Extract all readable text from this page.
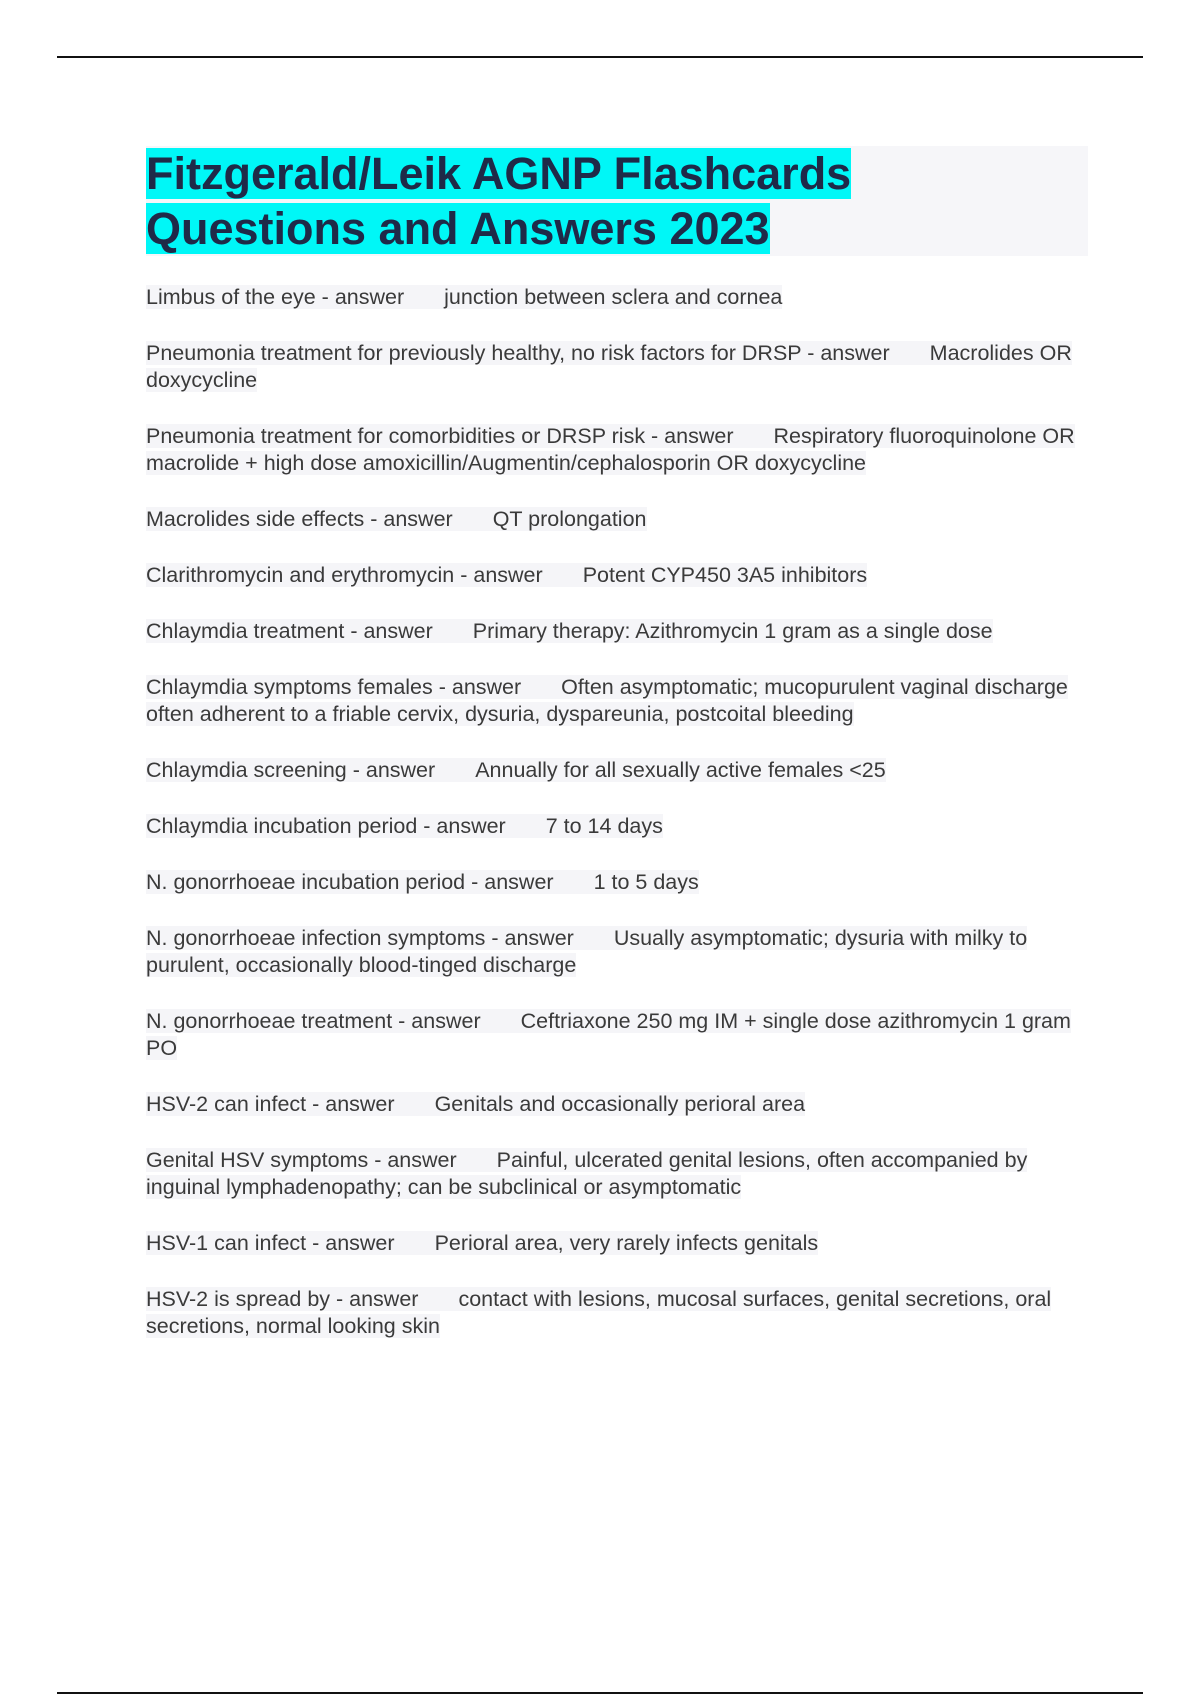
Fitzgerald/Leik AGNP Flashcards
Questions and Answers 2023
Limbus of the eye - answer junction between sclera and cornea
Pneumonia treatment for previously healthy, no risk factors for DRSP - answer Macrolides OR doxycycline
Pneumonia treatment for comorbidities or DRSP risk - answer Respiratory fluoroquinolone OR macrolide + high dose amoxicillin/Augmentin/cephalosporin OR doxycycline
Macrolides side effects - answer QT prolongation
Clarithromycin and erythromycin - answer Potent CYP450 3A5 inhibitors
Chlaymdia treatment - answer Primary therapy: Azithromycin 1 gram as a single dose
Chlaymdia symptoms females - answer Often asymptomatic; mucopurulent vaginal discharge often adherent to a friable cervix, dysuria, dyspareunia, postcoital bleeding
Chlaymdia screening - answer Annually for all sexually active females <25
Chlaymdia incubation period - answer 7 to 14 days
N. gonorrhoeae incubation period - answer 1 to 5 days
N. gonorrhoeae infection symptoms - answer Usually asymptomatic; dysuria with milky to purulent, occasionally blood-tinged discharge
N. gonorrhoeae treatment - answer Ceftriaxone 250 mg IM + single dose azithromycin 1 gram PO
HSV-2 can infect - answer Genitals and occasionally perioral area
Genital HSV symptoms - answer Painful, ulcerated genital lesions, often accompanied by inguinal lymphadenopathy; can be subclinical or asymptomatic
HSV-1 can infect - answer Perioral area, very rarely infects genitals
HSV-2 is spread by - answer contact with lesions, mucosal surfaces, genital secretions, oral secretions, normal looking skin
